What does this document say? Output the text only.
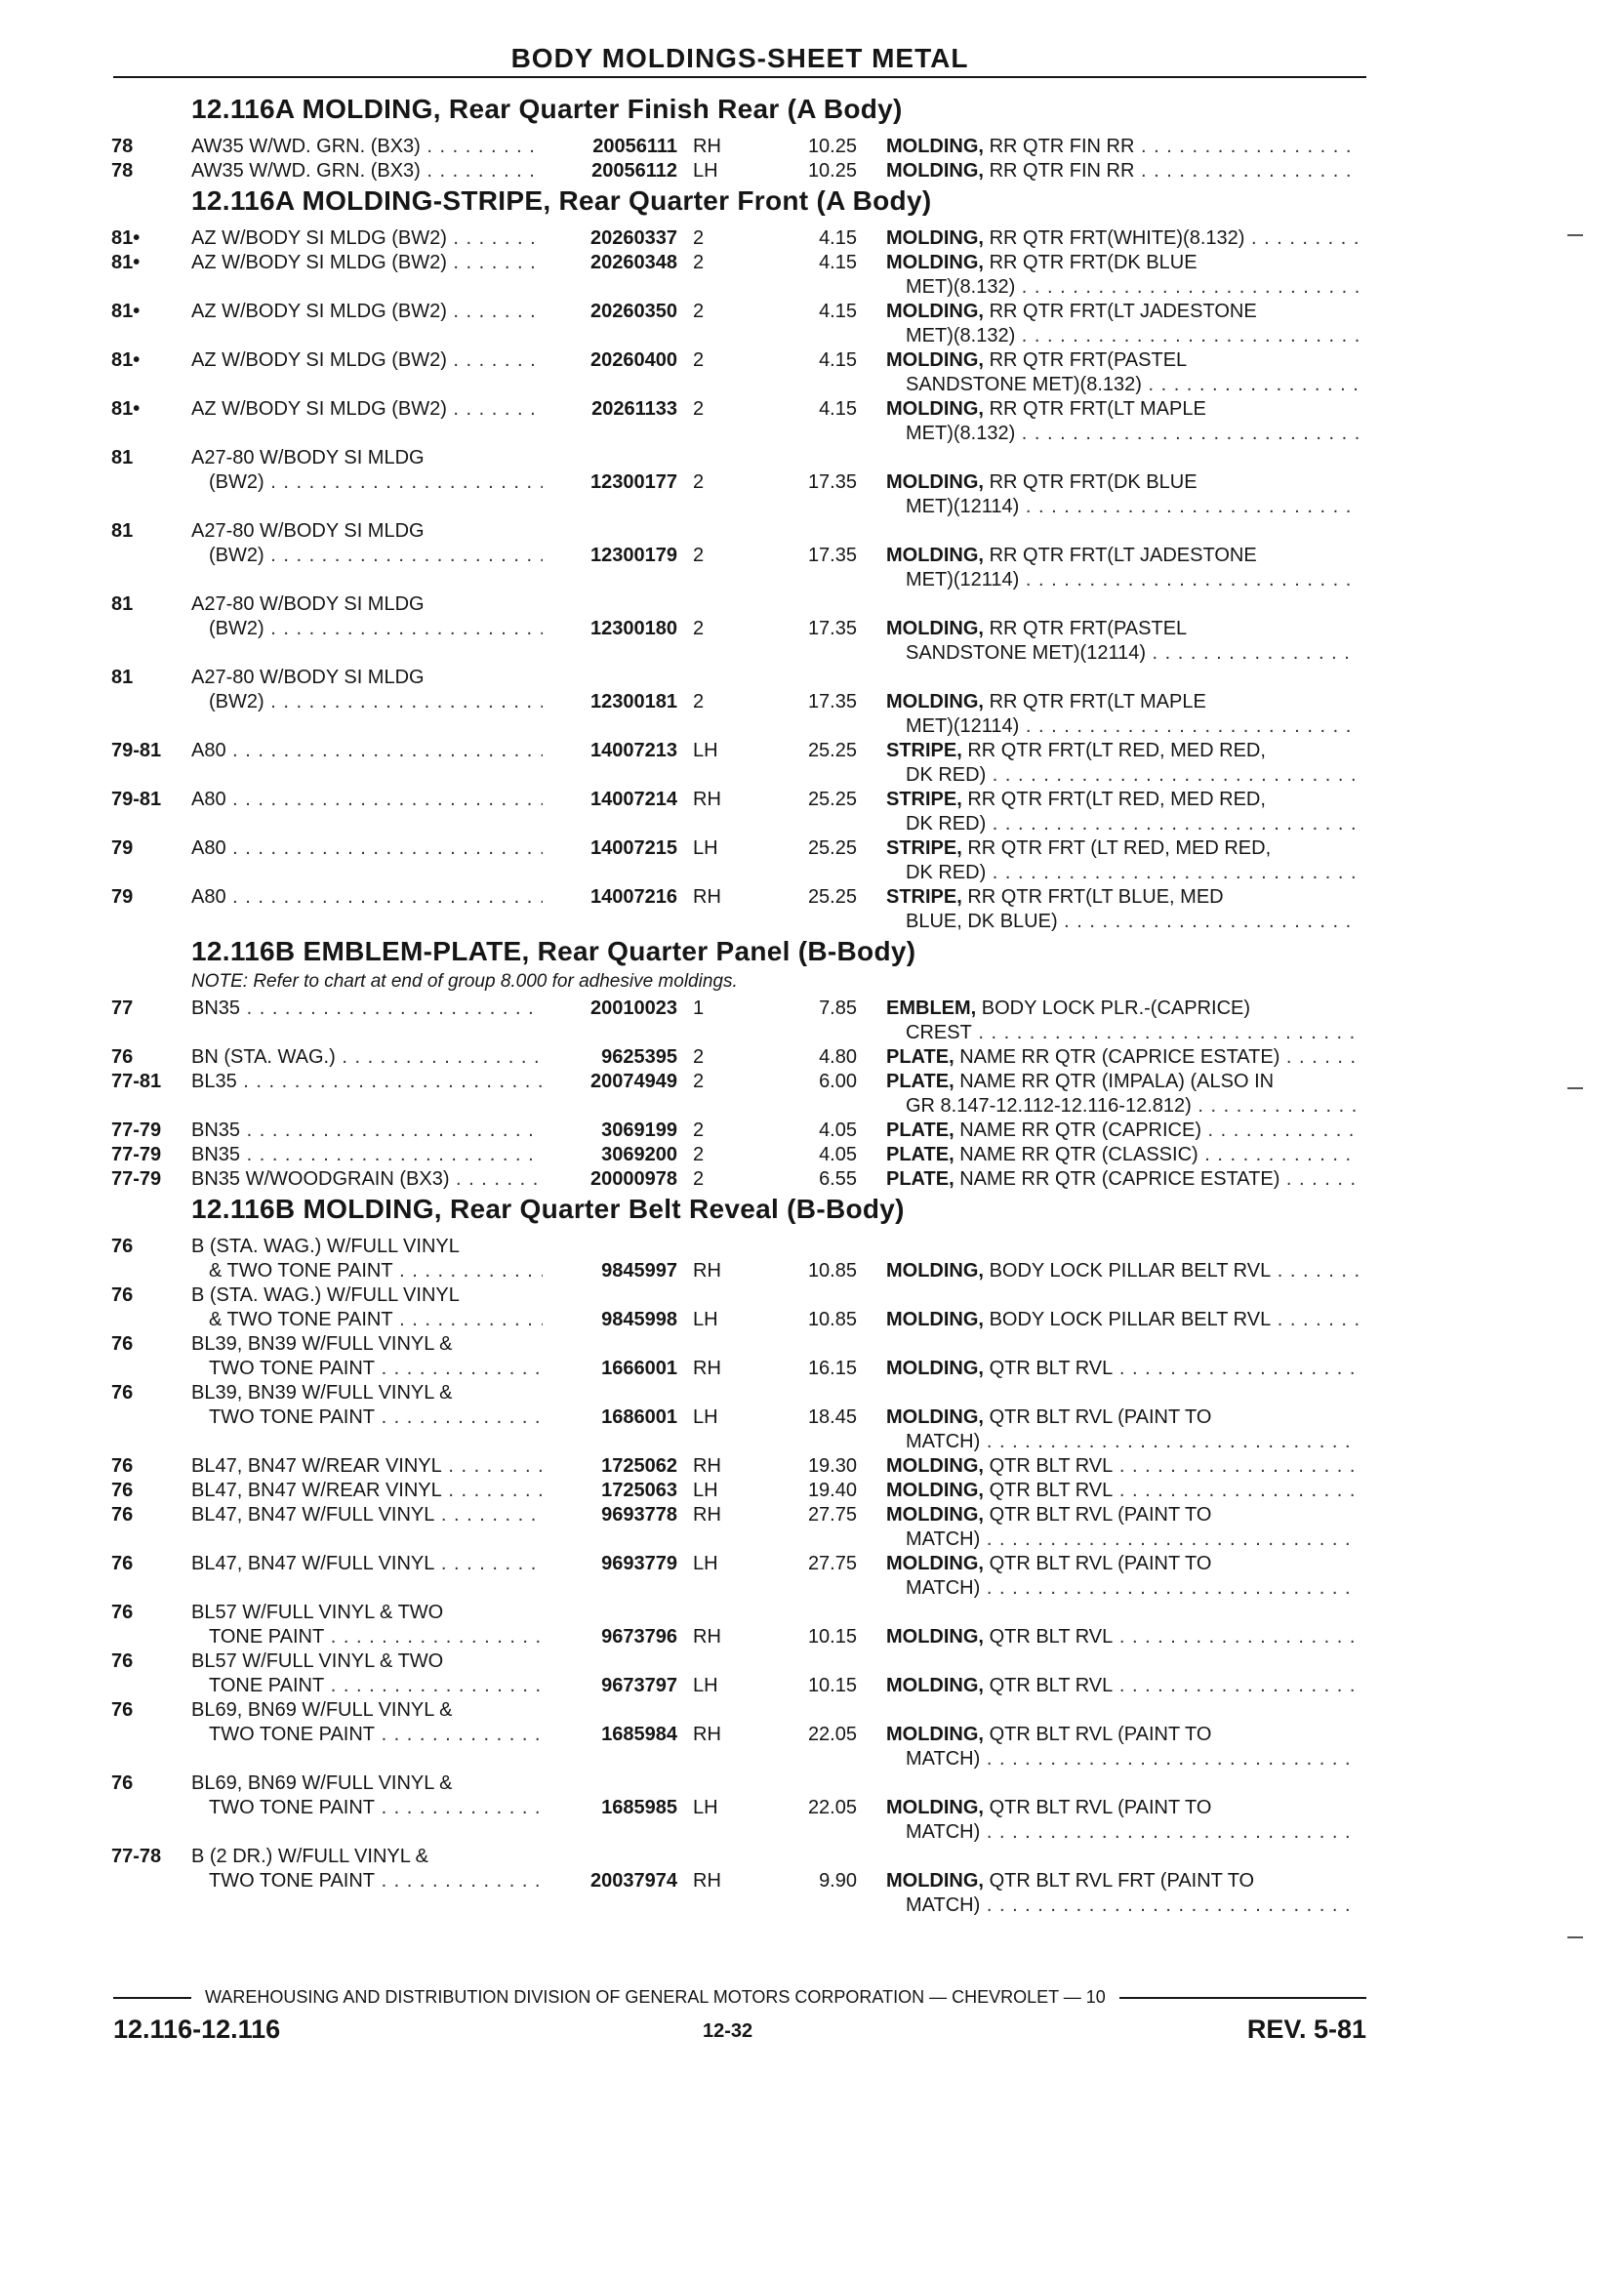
BODY MOLDINGS-SHEET METAL
12.116A MOLDING, Rear Quarter Finish Rear (A Body)
78	AW35 W/WD. GRN. (BX3) . . .	20056111 RH	10.25 MOLDING, RR QTR FIN RR . . .
78	AW35 W/WD. GRN. (BX3) . . .	20056112 LH	10.25 MOLDING, RR QTR FIN RR . . .
12.116A MOLDING-STRIPE, Rear Quarter Front (A Body)
81•	AZ W/BODY SI MLDG (BW2) . . .	20260337 2	4.15 MOLDING, RR QTR FRT(WHITE)(8.132) . . .
81•	AZ W/BODY SI MLDG (BW2) . . .	20260348 2	4.15 MOLDING, RR QTR FRT(DK BLUE
MET)(8.132) . . .
81•	AZ W/BODY SI MLDG (BW2) . . .	20260350 2	4.15 MOLDING, RR QTR FRT(LT JADESTONE
MET)(8.132) . . .
81•	AZ W/BODY SI MLDG (BW2) . . .	20260400 2	4.15 MOLDING, RR QTR FRT(PASTEL
SANDSTONE MET)(8.132) . . .
81•	AZ W/BODY SI MLDG (BW2) . . .	20261133 2	4.15 MOLDING, RR QTR FRT(LT MAPLE
MET)(8.132) . . .
81	A27-80 W/BODY SI MLDG
(BW2) . . .	12300177 2	17.35 MOLDING, RR QTR FRT(DK BLUE
MET)(12114) . . .
81	A27-80 W/BODY SI MLDG
(BW2) . . .	12300179 2	17.35 MOLDING, RR QTR FRT(LT JADESTONE
MET)(12114) . . .
81	A27-80 W/BODY SI MLDG
(BW2) . . .	12300180 2	17.35 MOLDING, RR QTR FRT(PASTEL
SANDSTONE MET)(12114) . . .
81	A27-80 W/BODY SI MLDG
(BW2) . . .	12300181 2	17.35 MOLDING, RR QTR FRT(LT MAPLE
MET)(12114) . . .
79-81 A80 . . .	14007213 LH	25.25 STRIPE, RR QTR FRT(LT RED, MED RED,
DK RED) . . .
79-81 A80 . . .	14007214 RH	25.25 STRIPE, RR QTR FRT(LT RED, MED RED,
DK RED) . . .
79	A80 . . .	14007215 LH	25.25 STRIPE, RR QTR FRT (LT RED, MED RED,
DK RED) . . .
79	A80 . . .	14007216 RH	25.25 STRIPE, RR QTR FRT(LT BLUE, MED
BLUE, DK BLUE) . . .
12.116B EMBLEM-PLATE, Rear Quarter Panel (B-Body)
NOTE: Refer to chart at end of group 8.000 for adhesive moldings.
77	BN35 . . .	20010023 1	7.85 EMBLEM, BODY LOCK PLR.-(CAPRICE)
CREST . . .
76	BN (STA. WAG.) . . .	9625395 2	4.80 PLATE, NAME RR QTR (CAPRICE ESTATE) . . .
77-81 BL35 . . .	20074949 2	6.00 PLATE, NAME RR QTR (IMPALA) (ALSO IN
GR 8.147-12.112-12.116-12.812) . . .
77-79 BN35 . . .	3069199 2	4.05 PLATE, NAME RR QTR (CAPRICE) . . .
77-79 BN35 . . .	3069200 2	4.05 PLATE, NAME RR QTR (CLASSIC) . . .
77-79 BN35 W/WOODGRAIN (BX3) . . .	20000978 2	6.55 PLATE, NAME RR QTR (CAPRICE ESTATE) . . .
12.116B MOLDING, Rear Quarter Belt Reveal (B-Body)
76	B (STA. WAG.) W/FULL VINYL
& TWO TONE PAINT . . .	9845997 RH	10.85 MOLDING, BODY LOCK PILLAR BELT RVL . . .
76	B (STA. WAG.) W/FULL VINYL
& TWO TONE PAINT . . .	9845998 LH	10.85 MOLDING, BODY LOCK PILLAR BELT RVL . . .
76	BL39, BN39 W/FULL VINYL &
TWO TONE PAINT . . .	1666001 RH	16.15 MOLDING, QTR BLT RVL . . .
76	BL39, BN39 W/FULL VINYL &
TWO TONE PAINT . . .	1686001 LH	18.45 MOLDING, QTR BLT RVL (PAINT TO
MATCH) . . .
76	BL47, BN47 W/REAR VINYL . . .	1725062 RH	19.30 MOLDING, QTR BLT RVL . . .
76	BL47, BN47 W/REAR VINYL . . .	1725063 LH	19.40 MOLDING, QTR BLT RVL . . .
76	BL47, BN47 W/FULL VINYL . . .	9693778 RH	27.75 MOLDING, QTR BLT RVL (PAINT TO
MATCH) . . .
76	BL47, BN47 W/FULL VINYL . . .	9693779 LH	27.75 MOLDING, QTR BLT RVL (PAINT TO
MATCH) . . .
76	BL57 W/FULL VINYL & TWO
TONE PAINT . . .	9673796 RH	10.15 MOLDING, QTR BLT RVL . . .
76	BL57 W/FULL VINYL & TWO
TONE PAINT . . .	9673797 LH	10.15 MOLDING, QTR BLT RVL . . .
76	BL69, BN69 W/FULL VINYL &
TWO TONE PAINT . . .	1685984 RH	22.05 MOLDING, QTR BLT RVL (PAINT TO
MATCH) . . .
76	BL69, BN69 W/FULL VINYL &
TWO TONE PAINT . . .	1685985 LH	22.05 MOLDING, QTR BLT RVL (PAINT TO
MATCH) . . .
77-78 B (2 DR.) W/FULL VINYL &
TWO TONE PAINT . . .	20037974 RH	9.90 MOLDING, QTR BLT RVL FRT (PAINT TO
MATCH) . . .
WAREHOUSING AND DISTRIBUTION DIVISION OF GENERAL MOTORS CORPORATION — CHEVROLET — 10
12.116-12.116	12-32	REV. 5-81
